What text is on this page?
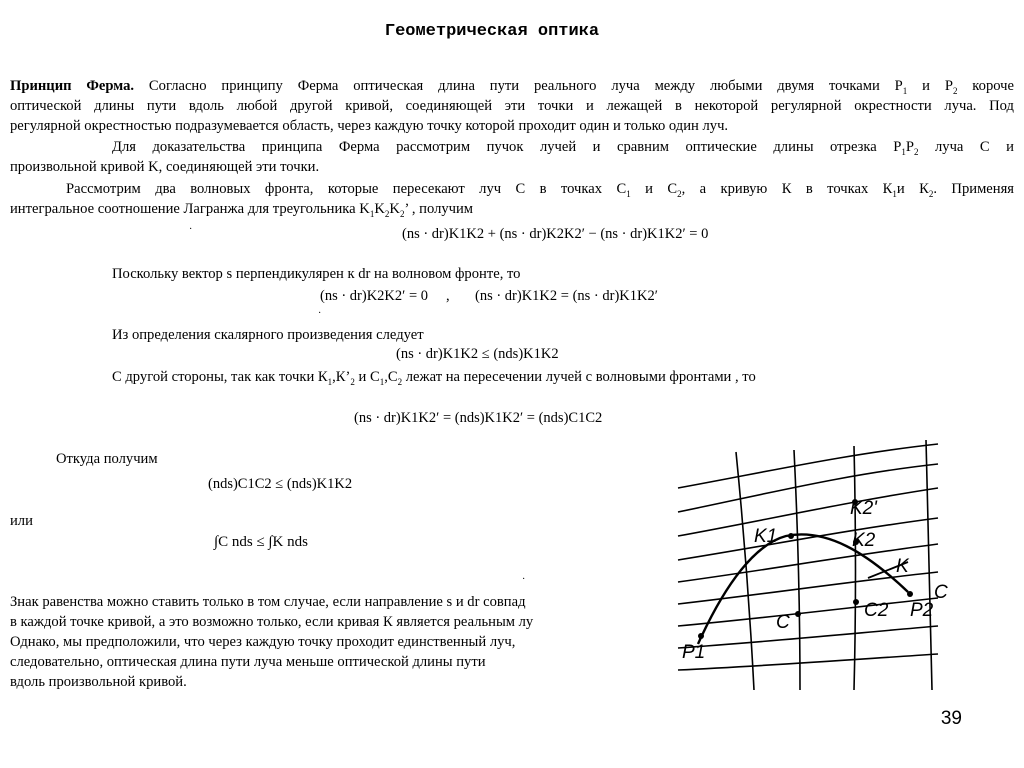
Геометрическая оптика
Принцип Ферма. Согласно принципу Ферма оптическая длина пути реального луча между любыми двумя точками $P_1$ и $P_2$ короче
оптической длины пути вдоль любой другой кривой, соединяющей эти точки и лежащей в некоторой регулярной окрестности луча. Под
регулярной окрестностью подразумевается область, через каждую точку которой проходит один и только один луч.
Для доказательства принципа Ферма рассмотрим пучок лучей и сравним оптические длины отрезка $P_1P_2$ луча C и
произвольной кривой K, соединяющей эти точки.
Рассмотрим два волновых фронта, которые пересекают луч С в точках $С_1$ и $С_2$, а кривую К в точках $К_1и$ $К_2$. Применяя
интегральное соотношение Лагранжа для треугольника $K_1K_2K_2$’ , получим
·	(ns · dr)K1K2 + (ns · dr)K2K2′ − (ns · dr)K1K2′ = 0
Поскольку вектор s перпендикулярен к dr на волновом фронте, то
(ns · dr)K2K2′ = 0 , (ns · dr)K1K2 = (ns · dr)K1K2′
·
Из определения скалярного произведения следует
(ns · dr)K1K2 ≤ (nds)K1K2
С другой стороны, так как точки $К_1,К’_2$ и $С_1,С_2$ лежат на пересечении лучей с волновыми фронтами , то
(ns · dr)K1K2′ = (nds)K1K2′ = (nds)C1C2
Откуда получим
(nds)C1C2 ≤ (nds)K1K2
или
∫C nds ≤ ∫K nds
·
Знак равенства можно ставить только в том случае, если направление s и dr совпад
в каждой точке кривой, а это возможно только, если кривая К является реальным лу
Однако, мы предположили, что через каждую точку проходит единственный луч,
следовательно, оптическая длина пути луча меньше оптической длины пути
вдоль произвольной кривой.
K2'
K1	K2
K
C
C2
C
P1
P2
39
